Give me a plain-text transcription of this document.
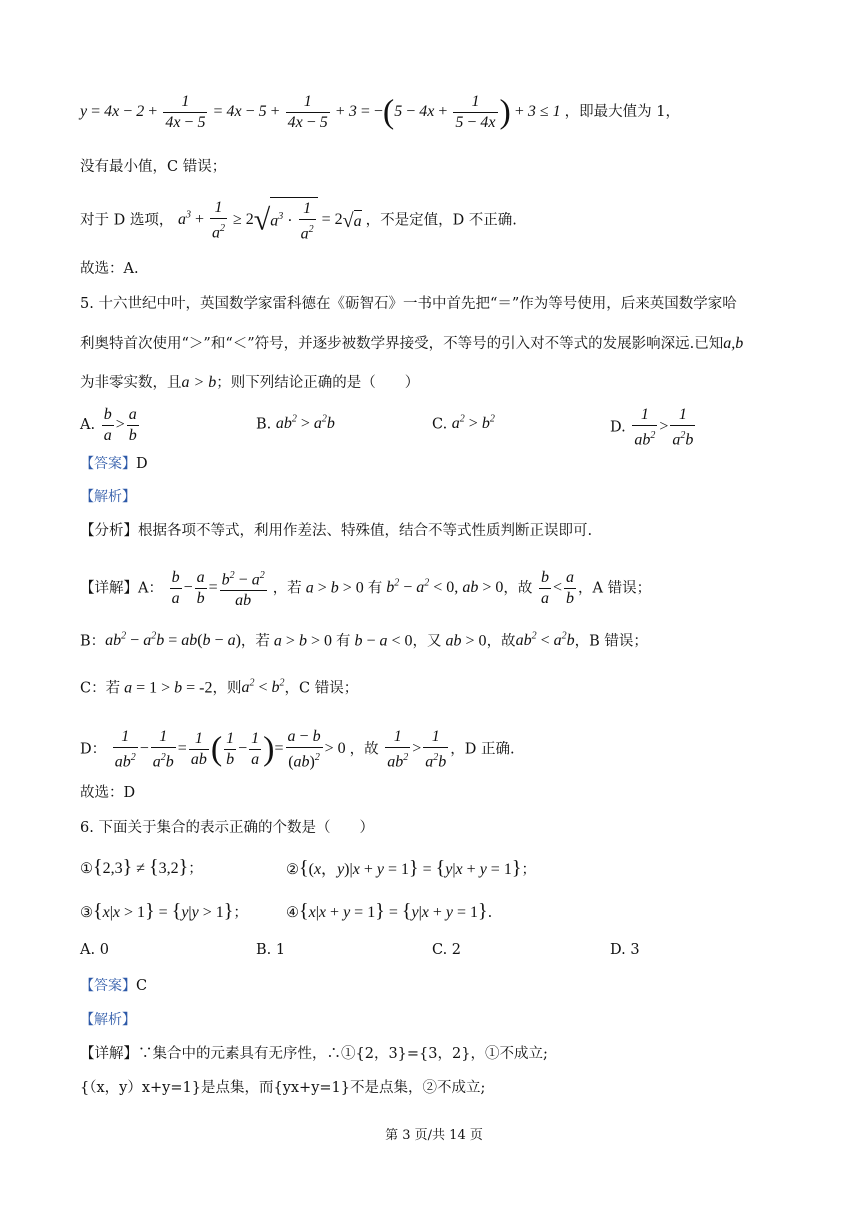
$y = 4x - 2 + \frac{1}{4x - 5} = 4x - 5 + \frac{1}{4x - 5} + 3 = -(5 - 4x + \frac{1}{5 - 4x}$ ) + 3 ≤ 1 ，即最大值为 1，
没有最小值，C 错误；
对于 D 选项， $a^3 + \frac{1}{a^2} \ge 2√a^3 \cdot \frac{1}{a^2} = 2√a$ ，不是定值，D 不正确.
故选：A.
5. 十六世纪中叶，英国数学家雷科德在《砺智石》一书中首先把“＝”作为等号使用，后来英国数学家哈
利奥特首次使用“＞”和“＜”符号，并逐步被数学界接受，不等号的引入对不等式的发展影响深远.已知a,b
为非零实数，且a > b；则下列结论正确的是（　　）
A. $\frac{b}{a} > \frac{a}{b}$	B. $ab^2 > a^2b$	C. $a^2 > b^2$	D. $\frac{1}{ab^2} > \frac{1}{a^2b}$
【答案】D
【解析】
【分析】根据各项不等式，利用作差法、特殊值，结合不等式性质判断正误即可.
【详解】A： $\frac{b}{a} - \frac{a}{b} = \frac{b^2 - a^2}{ab}$ ，若 a > b > 0 有 $b^2 - a^2 < 0$, ab > 0，故 $\frac{b}{a} < \frac{a}{b}$ ，A 错误；
B：$ab^2 - a^2b = ab(b - a)$，若 a > b > 0 有 b − a < 0，又 ab > 0，故$ab^2 < a^2b$，B 错误；
C：若 a = 1 > b = -2，则$a^2 < b^2$，C 错误；
D： $\frac{1}{ab^2} - \frac{1}{a^2b} = \frac{1}{ab}$ ( $\frac{1}{b} - \frac{1}{a}$ )= $\frac{a - b}{(ab)^2} > 0$ ，故 $\frac{1}{ab^2} > \frac{1}{a^2b}$ ，D 正确.
故选：D
6. 下面关于集合的表示正确的个数是（　　）
①{2,3} ≠ {3,2}；	②{(x，y)|x + y = 1} = {y|x + y = 1}；
③{x|x > 1} = {y|y > 1}；	④{x|x + y = 1} = {y|x + y = 1}.
A. 0	B. 1	C. 2	D. 3
【答案】C
【解析】
【详解】∵集合中的元素具有无序性，∴①{2，3}={3，2}，①不成立;
{（x，y）x+y=1}是点集，而{yx+y=1}不是点集，②不成立;
第 3 页/共 14 页
